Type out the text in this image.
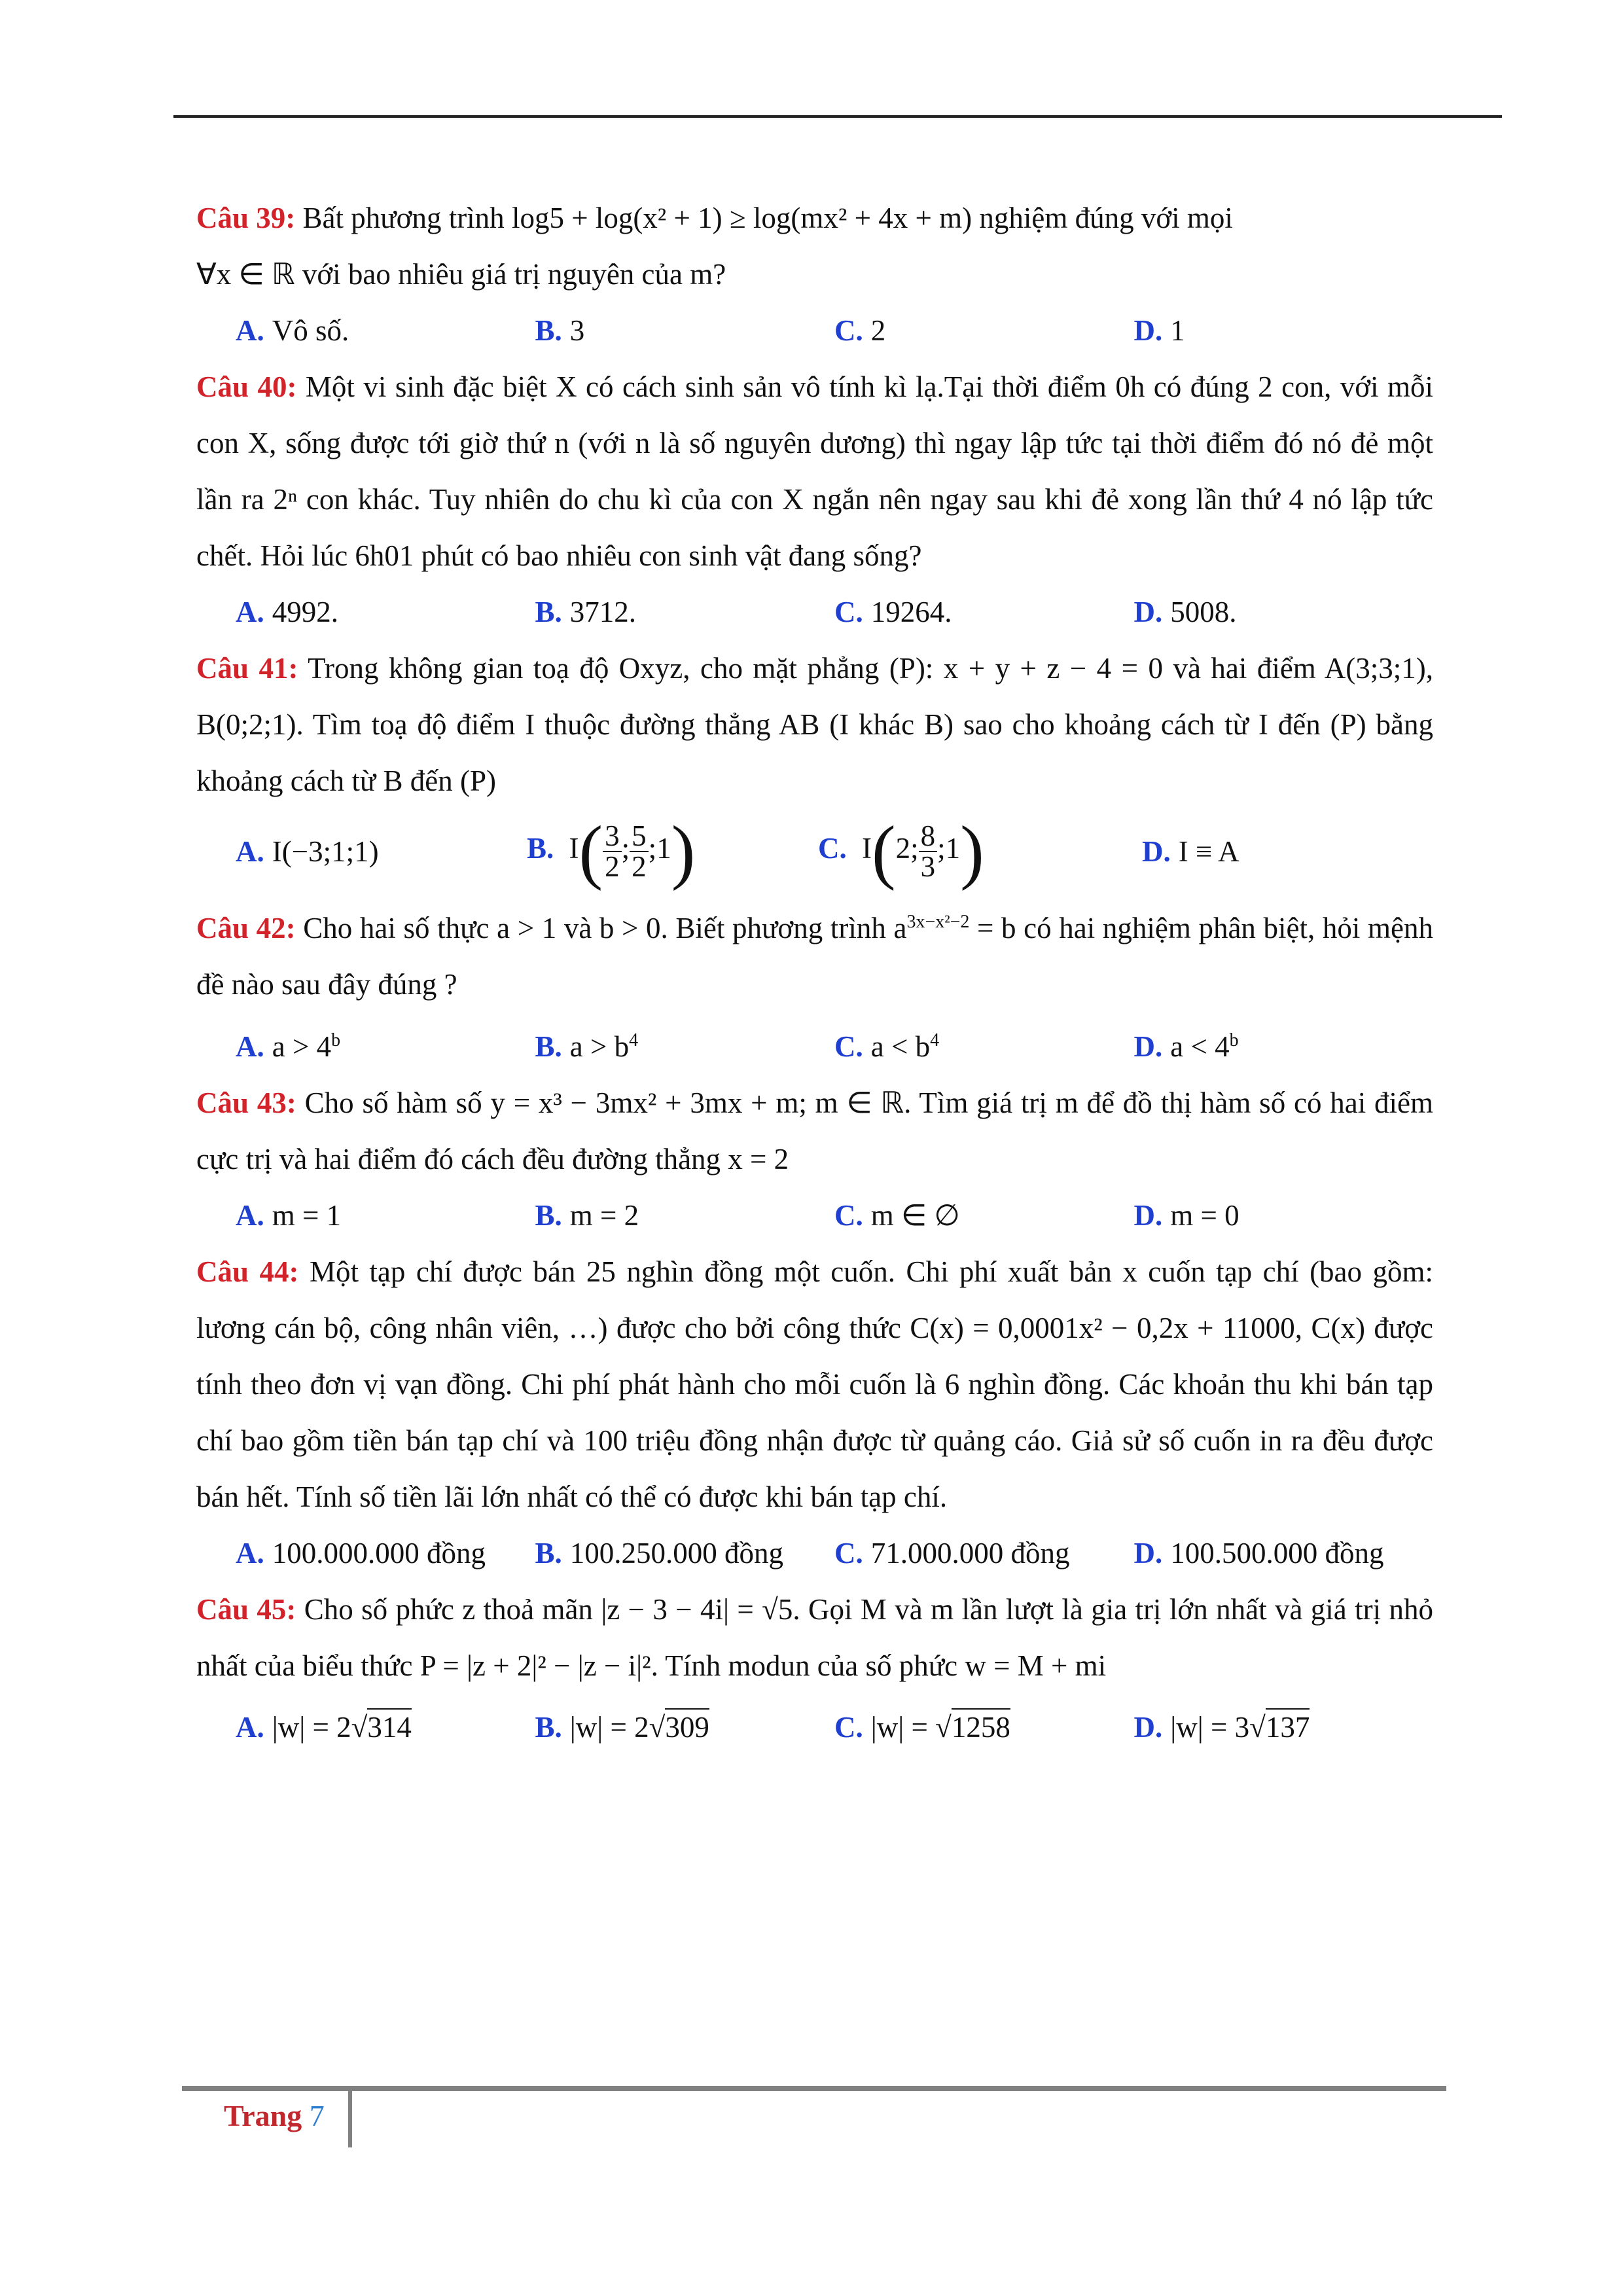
Câu 39: Bất phương trình log5 + log(x² + 1) ≥ log(mx² + 4x + m) nghiệm đúng với mọi
∀x ∈ ℝ với bao nhiêu giá trị nguyên của m?

A. Vô số.	B. 3	C. 2	D. 1

Câu 40: Một vi sinh đặc biệt X có cách sinh sản vô tính kì lạ.Tại thời điểm 0h có đúng 2 con, với mỗi con X, sống được tới giờ thứ n (với n là số nguyên dương) thì ngay lập tức tại thời điểm đó nó đẻ một lần ra 2ⁿ con khác. Tuy nhiên do chu kì của con X ngắn nên ngay sau khi đẻ xong lần thứ 4 nó lập tức chết. Hỏi lúc 6h01 phút có bao nhiêu con sinh vật đang sống?

A. 4992.	B. 3712.	C. 19264.	D. 5008.

Câu 41: Trong không gian toạ độ Oxyz, cho mặt phẳng (P): x + y + z − 4 = 0 và hai điểm A(3;3;1), B(0;2;1). Tìm toạ độ điểm I thuộc đường thẳng AB (I khác B) sao cho khoảng cách từ I đến (P) bằng khoảng cách từ B đến (P)

A. I(−3;1;1)	B. $I( \frac{3}{2}$ ; $\frac{5}{2}$ ;1)	C. I(2; $\frac{8}{3}$ ;1)	D. I ≡ A

Câu 42: Cho hai số thực a > 1 và b > 0. Biết phương trình $a^{3x-x^2-2} = b$ có hai nghiệm phân biệt, hỏi mệnh đề nào sau đây đúng ?

A. $a > 4^b$	B. $a > b^4$	C. $a < b^4$	D. $a < 4^b$

Câu 43: Cho số hàm số y = x³ − 3mx² + 3mx + m; m ∈ ℝ. Tìm giá trị m để đồ thị hàm số có hai điểm cực trị và hai điểm đó cách đều đường thẳng x = 2

A. m = 1	B. m = 2	C. m ∈ ∅	D. m = 0

Câu 44: Một tạp chí được bán 25 nghìn đồng một cuốn. Chi phí xuất bản x cuốn tạp chí (bao gồm: lương cán bộ, công nhân viên, …) được cho bởi công thức C(x) = 0,0001x² − 0,2x + 11000, C(x) được tính theo đơn vị vạn đồng. Chi phí phát hành cho mỗi cuốn là 6 nghìn đồng. Các khoản thu khi bán tạp chí bao gồm tiền bán tạp chí và 100 triệu đồng nhận được từ quảng cáo. Giả sử số cuốn in ra đều được bán hết. Tính số tiền lãi lớn nhất có thể có được khi bán tạp chí.

A. 100.000.000 đồng	B. 100.250.000 đồng	C. 71.000.000 đồng	D. 100.500.000 đồng

Câu 45: Cho số phức z thoả mãn |z − 3 − 4i| = √5. Gọi M và m lần lượt là gia trị lớn nhất và giá trị nhỏ nhất của biểu thức P = |z + 2|² − |z − i|². Tính modun của số phức w = M + mi

A. |w| = 2√314	B. |w| = 2√309	C. |w| = √1258	D. |w| = 3√137
Trang 7
